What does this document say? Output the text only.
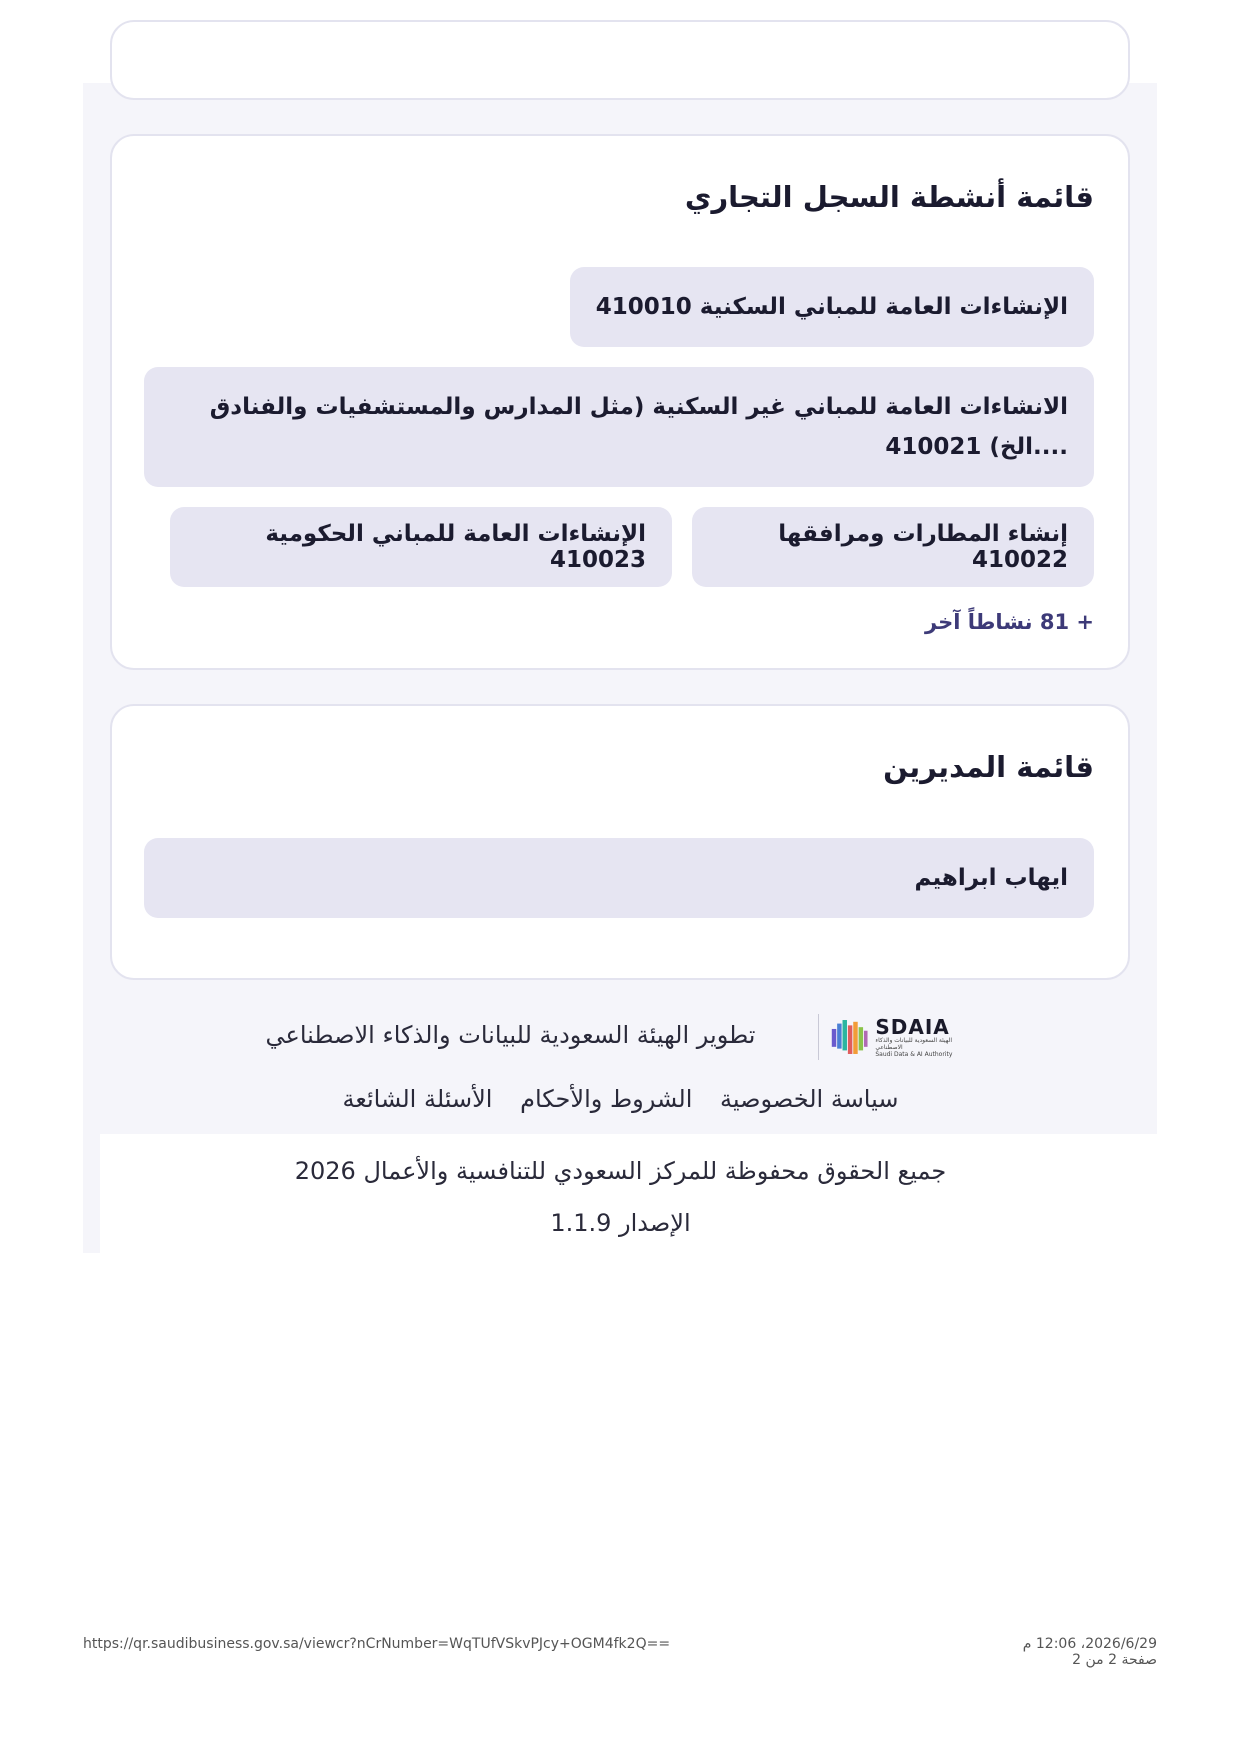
قائمة أنشطة السجل التجاري
الإنشاءات العامة للمباني السكنية 410010
الانشاءات العامة للمباني غير السكنية (مثل المدارس والمستشفيات والفنادق ....الخ) 410021
إنشاء المطارات ومرافقها 410022
الإنشاءات العامة للمباني الحكومية 410023
+ 81 نشاطاً آخر
قائمة المديرين
ايهاب ابراهيم
SDAIA
الهيئة السعودية للبيانات والذكاء الاصطناعي
Saudi Data & AI Authority
تطوير الهيئة السعودية للبيانات والذكاء الاصطناعي
سياسة الخصوصية الشروط والأحكام الأسئلة الشائعة
جميع الحقوق محفوظة للمركز السعودي للتنافسية والأعمال 2026
الإصدار 1.1.9
https://qr.saudibusiness.gov.sa/viewcr?nCrNumber=WqTUfVSkvPJcy+OGM4fk2Q==	2026/6/29، 12:06 م
صفحة 2 من 2
